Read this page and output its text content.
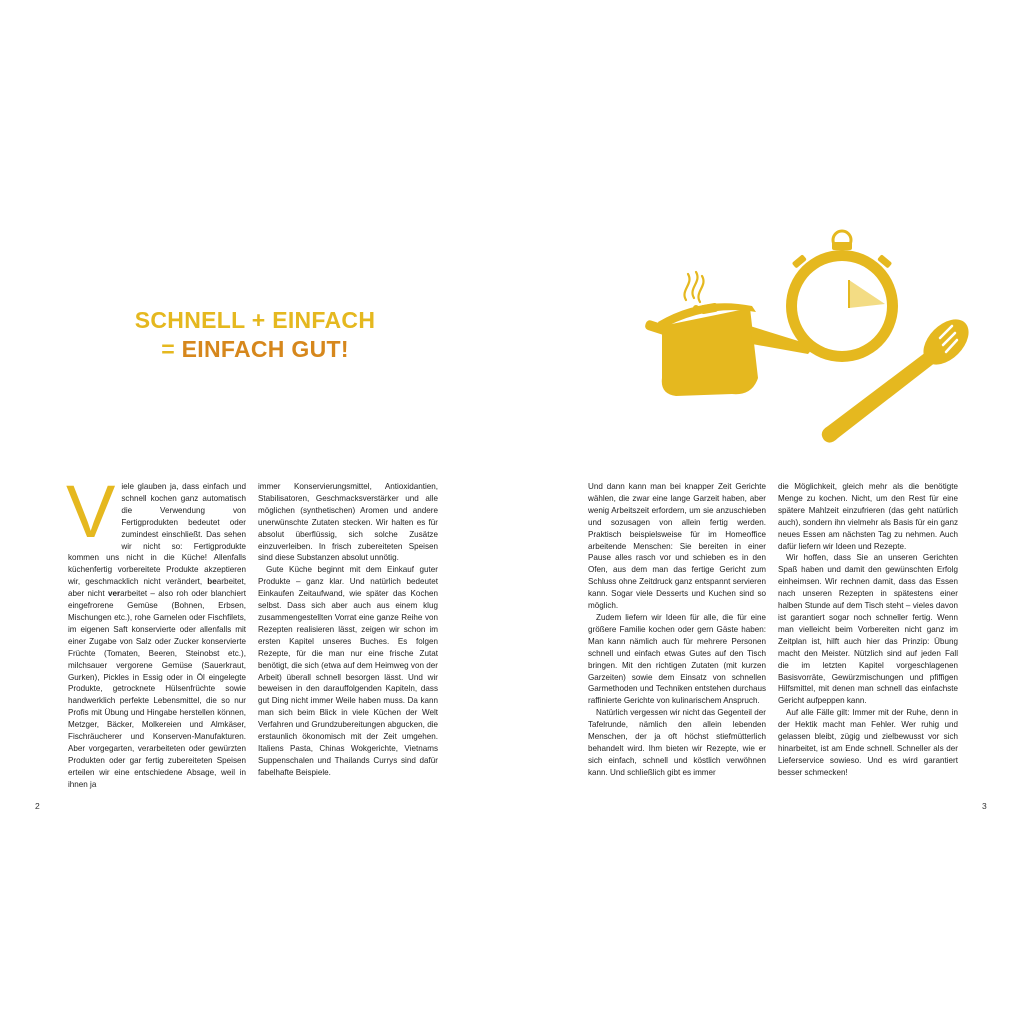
SCHNELL + EINFACH
= EINFACH GUT!

Viele glauben ja, dass einfach und schnell kochen ganz automatisch die Verwendung von Fertigprodukten bedeutet oder zumindest einschließt. Das sehen wir nicht so: Fertigprodukte kommen uns nicht in die Küche! Allenfalls küchenfertig vorbereitete Produkte akzeptieren wir, geschmacklich nicht verändert, bearbeitet, aber nicht verarbeitet – also roh oder blanchiert eingefrorene Gemüse (Bohnen, Erbsen, Mischungen etc.), rohe Garnelen oder Fischfilets, im eigenen Saft konservierte oder allenfalls mit einer Zugabe von Salz oder Zucker konservierte Früchte (Tomaten, Beeren, Steinobst etc.), milchsauer vergorene Gemüse (Sauerkraut, Gurken), Pickles in Essig oder in Öl eingelegte Produkte, getrocknete Hülsenfrüchte sowie handwerklich perfekte Lebensmittel, die so nur Profis mit Übung und Hingabe herstellen können, Metzger, Bäcker, Molkereien und Almkäser, Fischräucherer und Konserven-Manufakturen. Aber vorgegarten, verarbeiteten oder gewürzten Produkten oder gar fertig zubereiteten Speisen erteilen wir eine entschiedene Absage, weil in ihnen ja

immer Konservierungsmittel, Antioxidantien, Stabilisatoren, Geschmacksverstärker und alle möglichen (synthetischen) Aromen und andere unerwünschte Zutaten stecken. Wir halten es für absolut überflüssig, sich solche Zusätze einzuverleiben. In frisch zubereiteten Speisen sind diese Substanzen absolut unnötig.

Gute Küche beginnt mit dem Einkauf guter Produkte – ganz klar. Und natürlich bedeutet Einkaufen Zeitaufwand, wie später das Kochen selbst. Dass sich aber auch aus einem klug zusammengestellten Vorrat eine ganze Reihe von Rezepten realisieren lässt, zeigen wir schon im ersten Kapitel unseres Buches. Es folgen Rezepte, für die man nur eine frische Zutat benötigt, die sich (etwa auf dem Heimweg von der Arbeit) überall schnell besorgen lässt. Und wir beweisen in den darauffolgenden Kapiteln, dass gut Ding nicht immer Weile haben muss. Da kann man sich beim Blick in viele Küchen der Welt Verfahren und Grundzubereitungen abgucken, die erstaunlich ökonomisch mit der Zeit umgehen. Italiens Pasta, Chinas Wokgerichte, Vietnams Suppenschalen und Thailands Currys sind dafür fabelhafte Beispiele.

Und dann kann man bei knapper Zeit Gerichte wählen, die zwar eine lange Garzeit haben, aber wenig Arbeitszeit erfordern, um sie anzuschieben und sozusagen von allein fertig werden. Praktisch beispielsweise für im Homeoffice arbeitende Menschen: Sie bereiten in einer Pause alles rasch vor und schieben es in den Ofen, aus dem man das fertige Gericht zum Schluss ohne Zeitdruck ganz entspannt servieren kann. Sogar viele Desserts und Kuchen sind so möglich.

Zudem liefern wir Ideen für alle, die für eine größere Familie kochen oder gern Gäste haben: Man kann nämlich auch für mehrere Personen schnell und einfach etwas Gutes auf den Tisch bringen. Mit den richtigen Zutaten (mit kurzen Garzeiten) sowie dem Einsatz von schnellen Garmethoden und Techniken entstehen durchaus raffinierte Gerichte von kulinarischem Anspruch.

Natürlich vergessen wir nicht das Gegenteil der Tafelrunde, nämlich den allein lebenden Menschen, der ja oft höchst stiefmütterlich behandelt wird. Ihm bieten wir Rezepte, wie er sich einfach, schnell und köstlich verwöhnen kann. Und schließlich gibt es immer

die Möglichkeit, gleich mehr als die benötigte Menge zu kochen. Nicht, um den Rest für eine spätere Mahlzeit einzufrieren (das geht natürlich auch), sondern ihn vielmehr als Basis für ein ganz neues Essen am nächsten Tag zu nehmen. Auch dafür liefern wir Ideen und Rezepte.

Wir hoffen, dass Sie an unseren Gerichten Spaß haben und damit den gewünschten Erfolg einheimsen. Wir rechnen damit, dass das Essen nach unseren Rezepten in spätestens einer halben Stunde auf dem Tisch steht – vieles davon ist garantiert sogar noch schneller fertig. Wenn man vielleicht beim Vorbereiten nicht ganz im Zeitplan ist, hilft auch hier das Prinzip: Übung macht den Meister. Nützlich sind auf jeden Fall die im letzten Kapitel vorgeschlagenen Basisvorräte, Gewürzmischungen und pfiffigen Hilfsmittel, mit denen man schnell das einfachste Gericht aufpeppen kann.

Auf alle Fälle gilt: Immer mit der Ruhe, denn in der Hektik macht man Fehler. Wer ruhig und gelassen bleibt, zügig und zielbewusst vor sich hinarbeitet, ist am Ende schnell. Schneller als der Lieferservice sowieso. Und es wird garantiert besser schmecken!

2	3
